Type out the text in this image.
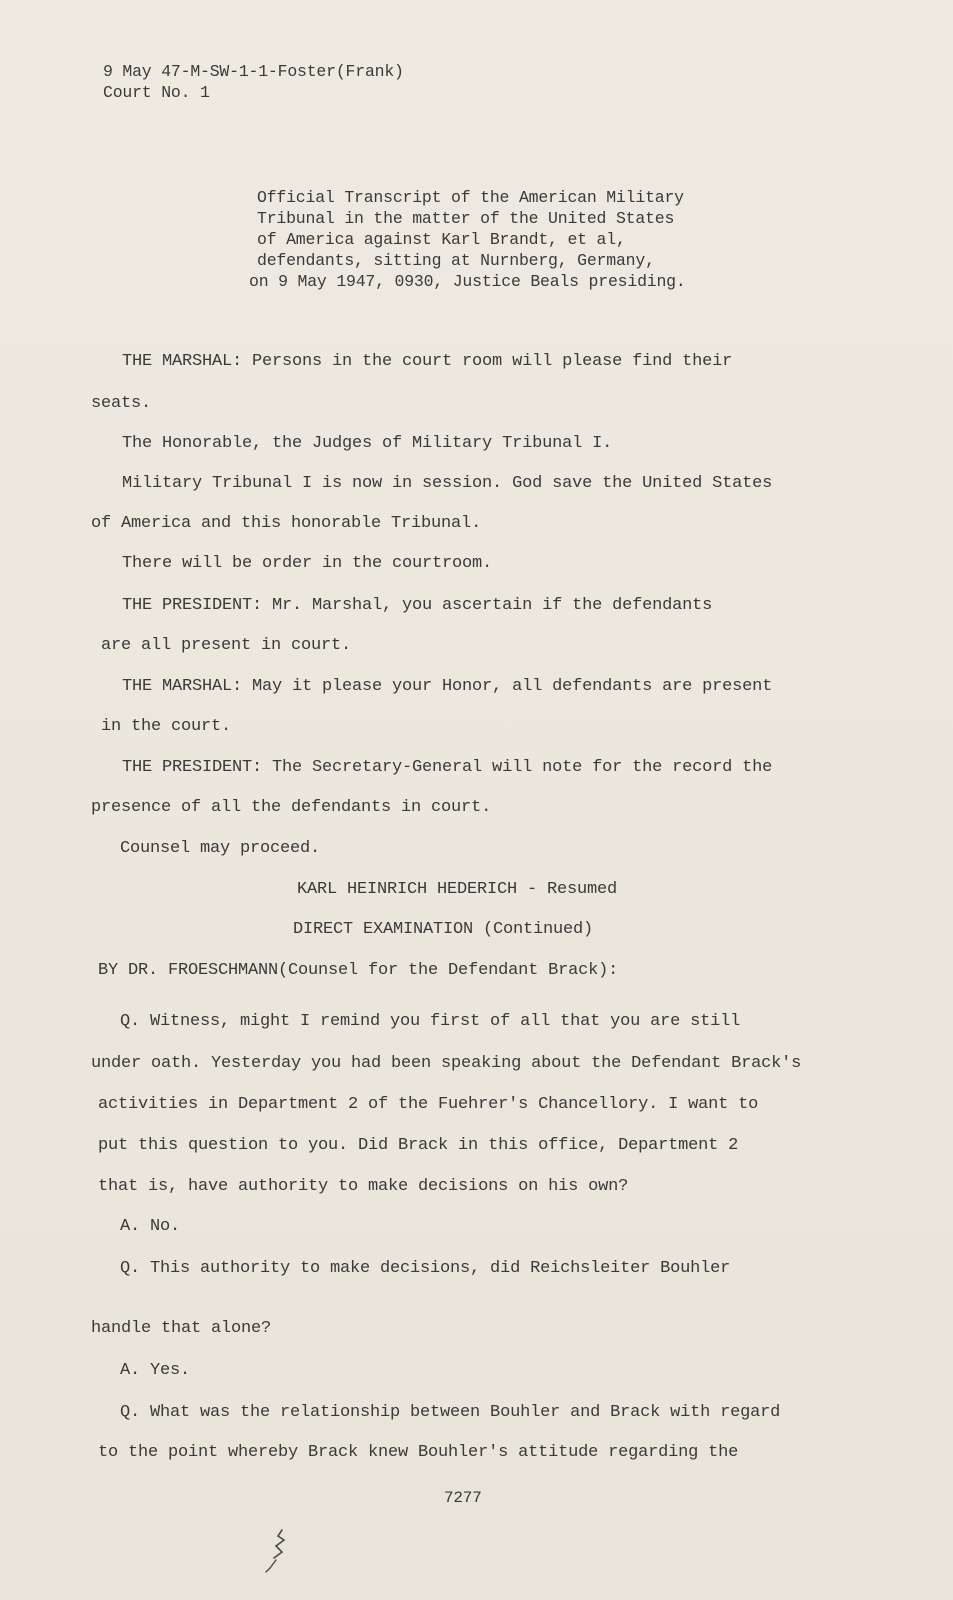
9 May 47-M-SW-1-1-Foster(Frank)
Court No. 1
Official Transcript of the American Military
Tribunal in the matter of the United States
of America against Karl Brandt, et al,
defendants, sitting at Nurnberg, Germany,
on 9 May 1947, 0930, Justice Beals presiding.
THE MARSHAL: Persons in the court room will please find their
seats.
The Honorable, the Judges of Military Tribunal I.
Military Tribunal I is now in session. God save the United States
of America and this honorable Tribunal.
There will be order in the courtroom.
THE PRESIDENT: Mr. Marshal, you ascertain if the defendants
are all present in court.
THE MARSHAL: May it please your Honor, all defendants are present
in the court.
THE PRESIDENT: The Secretary-General will note for the record the
presence of all the defendants in court.
Counsel may proceed.
KARL HEINRICH HEDERICH - Resumed
DIRECT EXAMINATION (Continued)
BY DR. FROESCHMANN(Counsel for the Defendant Brack):
Q. Witness, might I remind you first of all that you are still
under oath. Yesterday you had been speaking about the Defendant Brack's
activities in Department 2 of the Fuehrer's Chancellory. I want to
put this question to you. Did Brack in this office, Department 2
that is, have authority to make decisions on his own?
A. No.
Q. This authority to make decisions, did Reichsleiter Bouhler
handle that alone?
A. Yes.
Q. What was the relationship between Bouhler and Brack with regard
to the point whereby Brack knew Bouhler's attitude regarding the
7277
